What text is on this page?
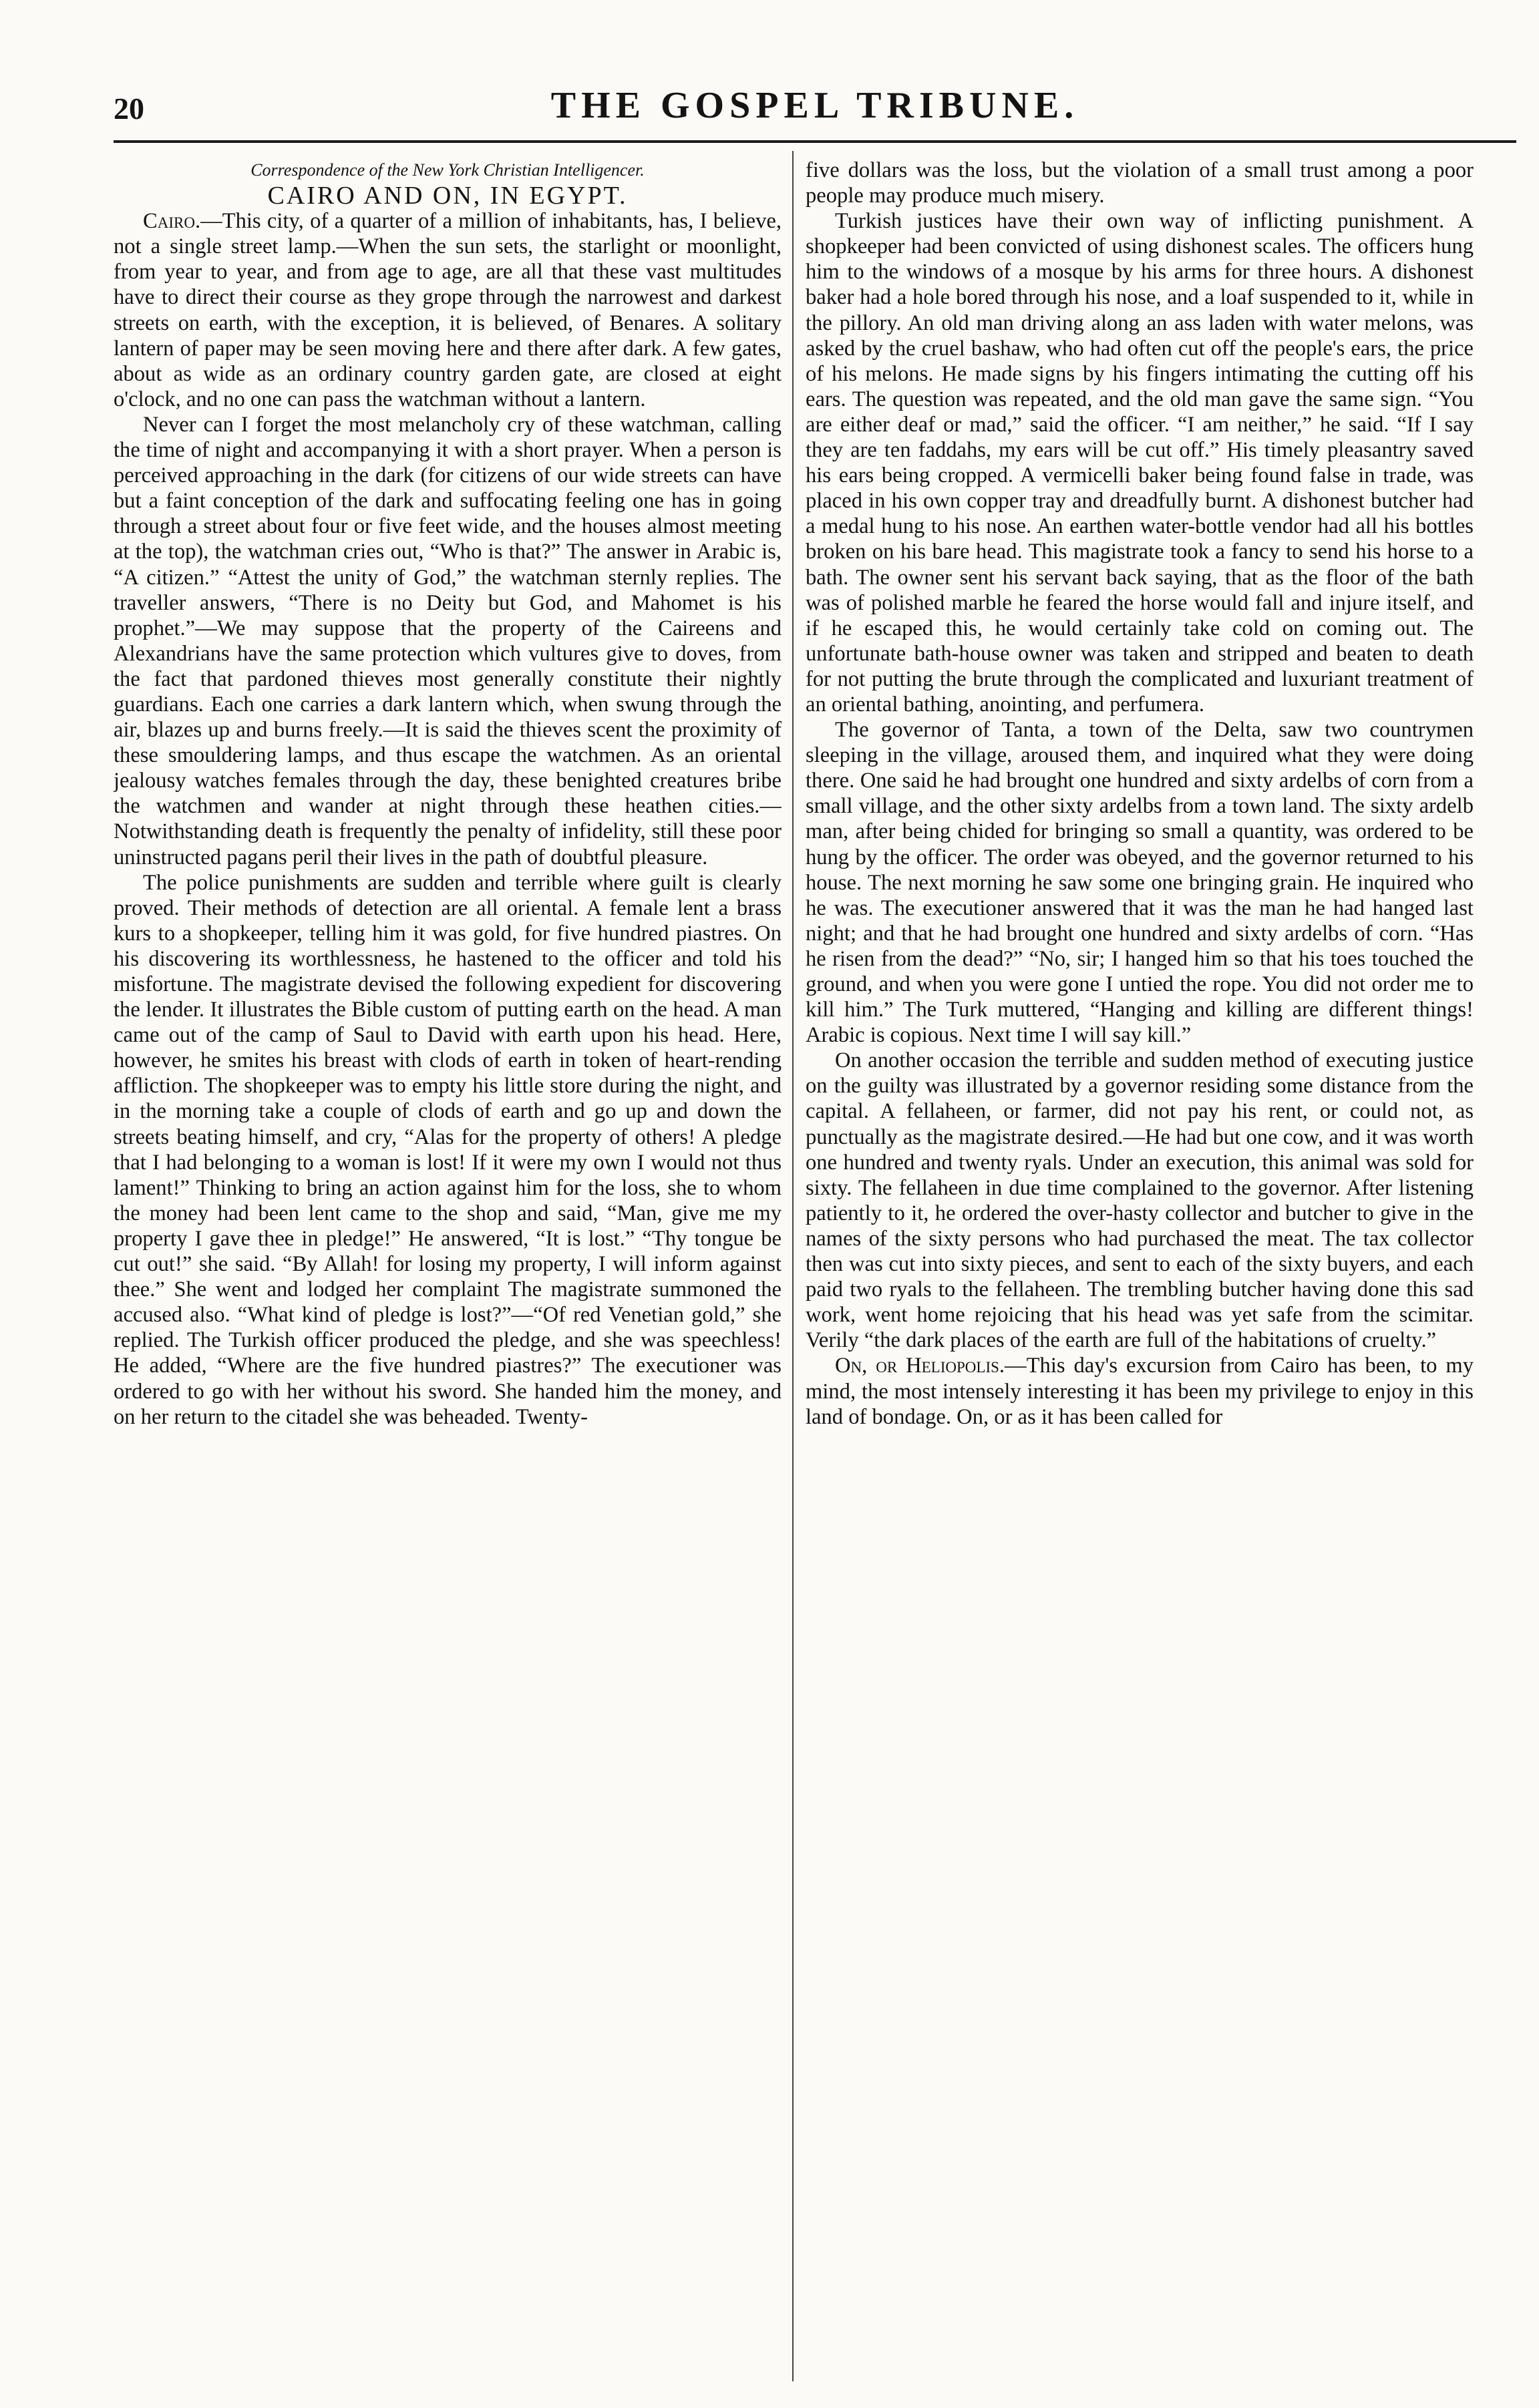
20	THE GOSPEL TRIBUNE.

Correspondence of the New York Christian Intelligencer.

CAIRO AND ON, IN EGYPT.

Cairo.—This city, of a quarter of a million of inhabitants, has, I believe, not a single street lamp.—When the sun sets, the starlight or moonlight, from year to year, and from age to age, are all that these vast multitudes have to direct their course as they grope through the narrowest and darkest streets on earth, with the exception, it is believed, of Benares. A solitary lantern of paper may be seen moving here and there after dark. A few gates, about as wide as an ordinary country garden gate, are closed at eight o'clock, and no one can pass the watchman without a lantern.

Never can I forget the most melancholy cry of these watchman, calling the time of night and accompanying it with a short prayer. When a person is perceived approaching in the dark (for citizens of our wide streets can have but a faint conception of the dark and suffocating feeling one has in going through a street about four or five feet wide, and the houses almost meeting at the top), the watchman cries out, “Who is that?” The answer in Arabic is, “A citizen.” “Attest the unity of God,” the watchman sternly replies. The traveller answers, “There is no Deity but God, and Mahomet is his prophet.”—We may suppose that the property of the Caireens and Alexandrians have the same protection which vultures give to doves, from the fact that pardoned thieves most generally constitute their nightly guardians. Each one carries a dark lantern which, when swung through the air, blazes up and burns freely.—It is said the thieves scent the proximity of these smouldering lamps, and thus escape the watchmen. As an oriental jealousy watches females through the day, these benighted creatures bribe the watchmen and wander at night through these heathen cities.—Notwithstanding death is frequently the penalty of infidelity, still these poor uninstructed pagans peril their lives in the path of doubtful pleasure.

The police punishments are sudden and terrible where guilt is clearly proved. Their methods of detection are all oriental. A female lent a brass kurs to a shopkeeper, telling him it was gold, for five hundred piastres. On his discovering its worthlessness, he hastened to the officer and told his misfortune. The magistrate devised the following expedient for discovering the lender. It illustrates the Bible custom of putting earth on the head. A man came out of the camp of Saul to David with earth upon his head. Here, however, he smites his breast with clods of earth in token of heart-rending affliction. The shopkeeper was to empty his little store during the night, and in the morning take a couple of clods of earth and go up and down the streets beating himself, and cry, “Alas for the property of others! A pledge that I had belonging to a woman is lost! If it were my own I would not thus lament!” Thinking to bring an action against him for the loss, she to whom the money had been lent came to the shop and said, “Man, give me my property I gave thee in pledge!” He answered, “It is lost.” “Thy tongue be cut out!” she said. “By Allah! for losing my property, I will inform against thee.” She went and lodged her complaint The magistrate summoned the accused also. “What kind of pledge is lost?”—“Of red Venetian gold,” she replied. The Turkish officer produced the pledge, and she was speechless! He added, “Where are the five hundred piastres?” The executioner was ordered to go with her without his sword. She handed him the money, and on her return to the citadel she was beheaded. Twenty-

five dollars was the loss, but the violation of a small trust among a poor people may produce much misery.

Turkish justices have their own way of inflicting punishment. A shopkeeper had been convicted of using dishonest scales. The officers hung him to the windows of a mosque by his arms for three hours. A dishonest baker had a hole bored through his nose, and a loaf suspended to it, while in the pillory. An old man driving along an ass laden with water melons, was asked by the cruel bashaw, who had often cut off the people's ears, the price of his melons. He made signs by his fingers intimating the cutting off his ears. The question was repeated, and the old man gave the same sign. “You are either deaf or mad,” said the officer. “I am neither,” he said. “If I say they are ten faddahs, my ears will be cut off.” His timely pleasantry saved his ears being cropped. A vermicelli baker being found false in trade, was placed in his own copper tray and dreadfully burnt. A dishonest butcher had a medal hung to his nose. An earthen water-bottle vendor had all his bottles broken on his bare head. This magistrate took a fancy to send his horse to a bath. The owner sent his servant back saying, that as the floor of the bath was of polished marble he feared the horse would fall and injure itself, and if he escaped this, he would certainly take cold on coming out. The unfortunate bath-house owner was taken and stripped and beaten to death for not putting the brute through the complicated and luxuriant treatment of an oriental bathing, anointing, and perfumera.

The governor of Tanta, a town of the Delta, saw two countrymen sleeping in the village, aroused them, and inquired what they were doing there. One said he had brought one hundred and sixty ardelbs of corn from a small village, and the other sixty ardelbs from a town land. The sixty ardelb man, after being chided for bringing so small a quantity, was ordered to be hung by the officer. The order was obeyed, and the governor returned to his house. The next morning he saw some one bringing grain. He inquired who he was. The executioner answered that it was the man he had hanged last night; and that he had brought one hundred and sixty ardelbs of corn. “Has he risen from the dead?” “No, sir; I hanged him so that his toes touched the ground, and when you were gone I untied the rope. You did not order me to kill him.” The Turk muttered, “Hanging and killing are different things! Arabic is copious. Next time I will say kill.”

On another occasion the terrible and sudden method of executing justice on the guilty was illustrated by a governor residing some distance from the capital. A fellaheen, or farmer, did not pay his rent, or could not, as punctually as the magistrate desired.—He had but one cow, and it was worth one hundred and twenty ryals. Under an execution, this animal was sold for sixty. The fellaheen in due time complained to the governor. After listening patiently to it, he ordered the over-hasty collector and butcher to give in the names of the sixty persons who had purchased the meat. The tax collector then was cut into sixty pieces, and sent to each of the sixty buyers, and each paid two ryals to the fellaheen. The trembling butcher having done this sad work, went home rejoicing that his head was yet safe from the scimitar. Verily “the dark places of the earth are full of the habitations of cruelty.”

On, or Heliopolis.—This day's excursion from Cairo has been, to my mind, the most intensely interesting it has been my privilege to enjoy in this land of bondage. On, or as it has been called for
